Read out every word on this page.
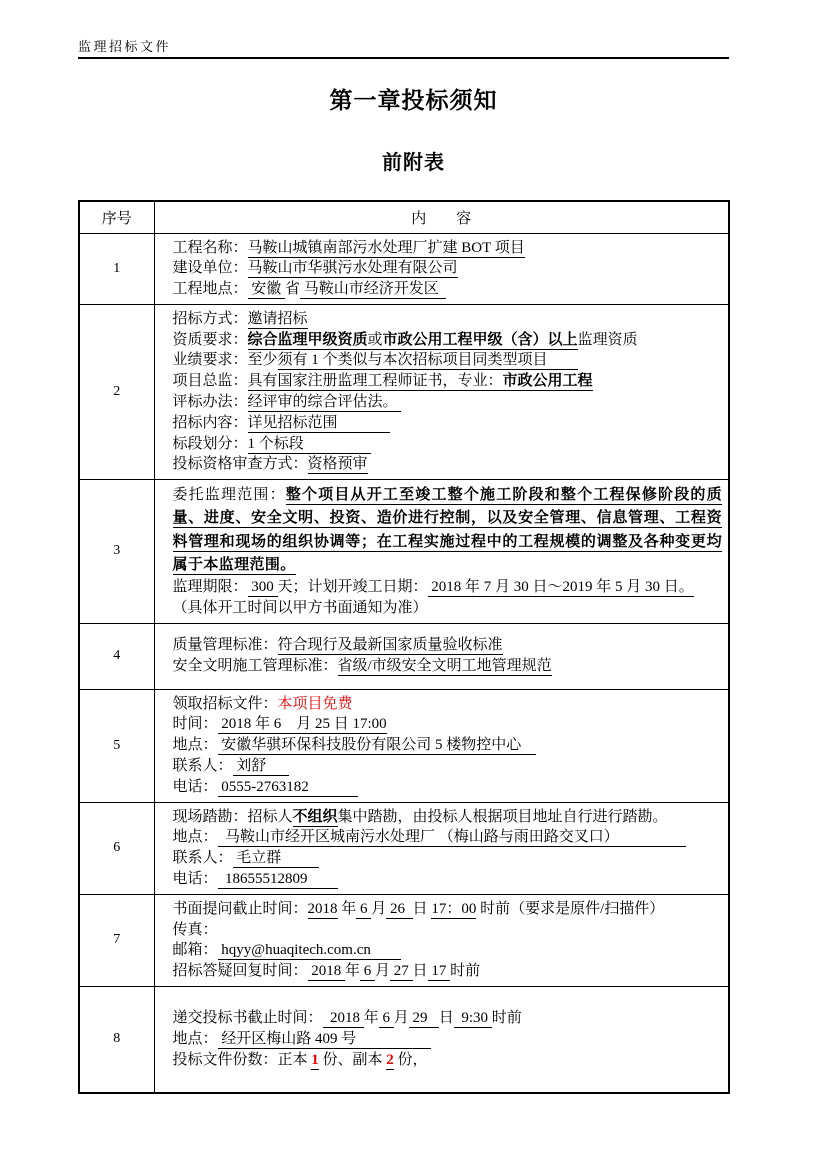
监理招标文件
第一章投标须知
前附表
序号	内　　容
1	工程名称：马鞍山城镇南部污水处理厂扩建 BOT 项目
建设单位：马鞍山市华骐污水处理有限公司
工程地点： 安徽 省 马鞍山市经济开发区

2	
招标方式：邀请招标
资质要求：综合监理甲级资质或市政公用工程甲级（含）以上监理资质
业绩要求：至少须有 1 个类似与本次招标项目同类型项目
项目总监：具有国家注册监理工程师证书，专业：市政公用工程
评标办法：经评审的综合评估法。
招标内容：详见招标范围
标段划分：1 个标段
投标资格审查方式：资格预审

3	委托监理范围：整个项目从开工至竣工整个施工阶段和整个工程保修阶段的质量、进度、安全文明、投资、造价进行控制，以及安全管理、信息管理、工程资料管理和现场的组织协调等；在工程实施过程中的工程规模的调整及各种变更均属于本监理范围。
监理期限： 300 天；计划开竣工日期： 2018 年 7 月 30 日～2019 年 5 月 30 日。
（具体开工时间以甲方书面通知为准）

4	质量管理标准：符合现行及最新国家质量验收标准
安全文明施工管理标准：省级/市级安全文明工地管理规范

5	领取招标文件：本项目免费
时间： 2018 年 6　月 25 日 17:00
地点： 安徽华骐环保科技股份有限公司 5 楼物控中心
联系人： 刘舒
电话： 0555-2763182

6	现场踏勘：招标人不组织集中踏勘，由投标人根据项目地址自行进行踏勘。
地点：  马鞍山市经开区城南污水处理厂 （梅山路与雨田路交叉口）
联系人： 毛立群
电话：  18655512809

7	书面提问截止时间：2018 年 6 月 26  日 17：00 时前（要求是原件/扫描件）
传真：
邮箱： hqyy@huaqitech.com.cn
招标答疑回复时间： 2018 年 6 月 27 日 17 时前

8	递交投标书截止时间：  2018 年 6 月 29   日  9:30 时前
地点： 经开区梅山路 409 号
投标文件份数：正本 1 份、副本 2 份，
